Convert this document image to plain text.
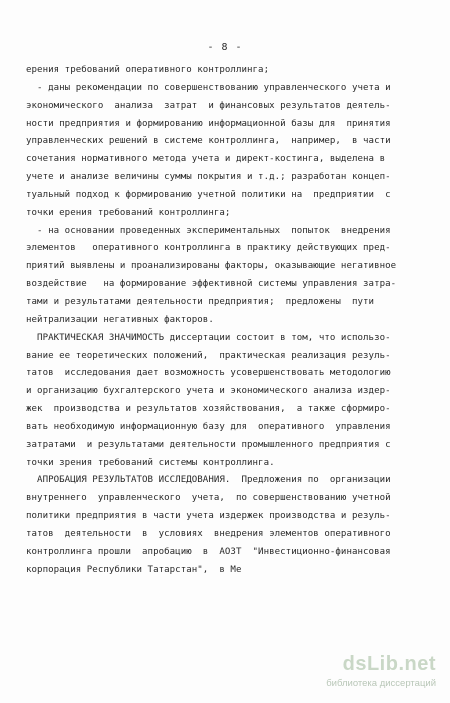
- 8 -
ерения требований оперативного контроллинга;
- даны рекомендации по совершенствованию управленческого учета и
экономического  анализа  затрат  и финансовых результатов деятель-
ности предприятия и формированию информационной базы для  принятия
управленческих решений в системе контроллинга,  например,  в части
сочетания нормативного метода учета и директ-костинга, выделена в
учете и анализе величины суммы покрытия и т.д.; разработан концеп-
туальный подход к формированию учетной политики на  предприятии  с
точки ерения требований контроллинга;
- на основании проведенных экспериментальных  попыток  внедрения
элементов   оперативного контроллинга в практику действующих пред-
приятий выявлены и проанализированы факторы, оказывающие негативное
воздействие   на формирование эффективной системы управления затра-
тами и результатами деятельности предприятия;  предложены  пути
нейтрализации негативных факторов.
ПРАКТИЧЕСКАЯ ЗНАЧИМОСТЬ диссертации состоит в том, что использо-
вание ее теоретических положений,  практическая реализация резуль-
татов  исследования дает возможность усовершенствовать методологию
и организацию бухгалтерского учета и экономического анализа издер-
жек  производства и результатов хозяйствования,  а также сформиро-
вать необходимую информационную базу для  оперативного  управления
затратами  и результатами деятельности промышленного предприятия с
точки зрения требований системы контроллинга.
АПРОБАЦИЯ РЕЗУЛЬТАТОВ ИССЛЕДОВАНИЯ.  Предложения по  организации
внутреннего  управленческого  учета,  по совершенствованию учетной
политики предприятия в части учета издержек производства и резуль-
татов  деятельности  в  условиях  внедрения элементов оперативного
контроллинга прошли  апробацию  в  АОЗТ  "Инвестиционно-финансовая
корпорация Республики Татарстан",  в Ме
dsLib.net
библиотека диссертаций
